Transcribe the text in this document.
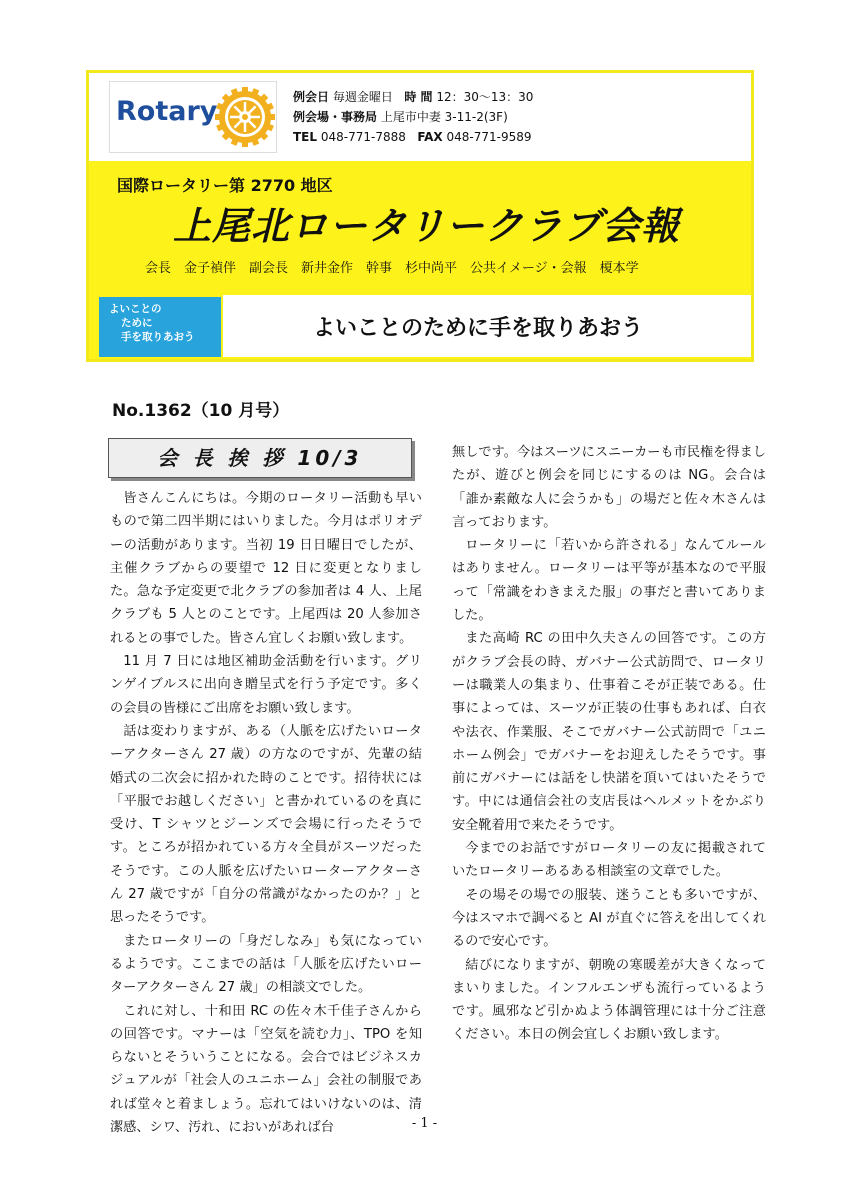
Rotary	例会日 毎週金曜日 時 間 12：30～13：30
例会場・事務局 上尾市中妻 3-11-2(3F)
TEL 048-771-7888 FAX 048-771-9589
国際ロータリー第 2770 地区
上尾北ロータリークラブ会報
会長　金子禎伴　副会長　新井金作　幹事　杉中尚平　公共イメージ・会報　榎本学
よいことの
ために
手を取りあおう	よいことのために手を取りあおう
No.1362（10 月号）
会 長 挨 拶 10/3

皆さんこんにちは。今期のロータリー活動も早いもので第二四半期にはいりました。今月はポリオデーの活動があります。当初 19 日日曜日でしたが、主催クラブからの要望で 12 日に変更となりました。急な予定変更で北クラブの参加者は 4 人、上尾クラブも 5 人とのことです。上尾西は 20 人参加されるとの事でした。皆さん宜しくお願い致します。

11 月 7 日には地区補助金活動を行います。グリンゲイブルスに出向き贈呈式を行う予定です。多くの会員の皆様にご出席をお願い致します。

話は変わりますが、ある（人脈を広げたいローターアクターさん 27 歳）の方なのですが、先輩の結婚式の二次会に招かれた時のことです。招待状には「平服でお越しください」と書かれているのを真に受け、T シャツとジーンズで会場に行ったそうです。ところが招かれている方々全員がスーツだったそうです。この人脈を広げたいローターアクターさん 27 歳ですが「自分の常識がなかったのか？」と思ったそうです。

またロータリーの「身だしなみ」も気になっているようです。ここまでの話は「人脈を広げたいローターアクターさん 27 歳」の相談文でした。

これに対し、十和田 RC の佐々木千佳子さんからの回答です。マナーは「空気を読む力」、TPO を知らないとそういうことになる。会合ではビジネスカジュアルが「社会人のユニホーム」会社の制服であれば堂々と着ましょう。忘れてはいけないのは、清潔感、シワ、汚れ、においがあれば台

無しです。今はスーツにスニーカーも市民権を得ましたが、遊びと例会を同じにするのは NG。会合は「誰か素敵な人に会うかも」の場だと佐々木さんは言っております。

ロータリーに「若いから許される」なんてルールはありません。ロータリーは平等が基本なので平服って「常識をわきまえた服」の事だと書いてありました。

また高崎 RC の田中久夫さんの回答です。この方がクラブ会長の時、ガバナー公式訪問で、ロータリーは職業人の集まり、仕事着こそが正装である。仕事によっては、スーツが正装の仕事もあれば、白衣や法衣、作業服、そこでガバナー公式訪問で「ユニホーム例会」でガバナーをお迎えしたそうです。事前にガバナーには話をし快諾を頂いてはいたそうです。中には通信会社の支店長はヘルメットをかぶり安全靴着用で来たそうです。

今までのお話ですがロータリーの友に掲載されていたロータリーあるある相談室の文章でした。

その場その場での服装、迷うことも多いですが、今はスマホで調べると AI が直ぐに答えを出してくれるので安心です。

結びになりますが、朝晩の寒暖差が大きくなってまいりました。インフルエンザも流行っているようです。風邪など引かぬよう体調管理には十分ご注意ください。本日の例会宜しくお願い致します。

- 1 -
